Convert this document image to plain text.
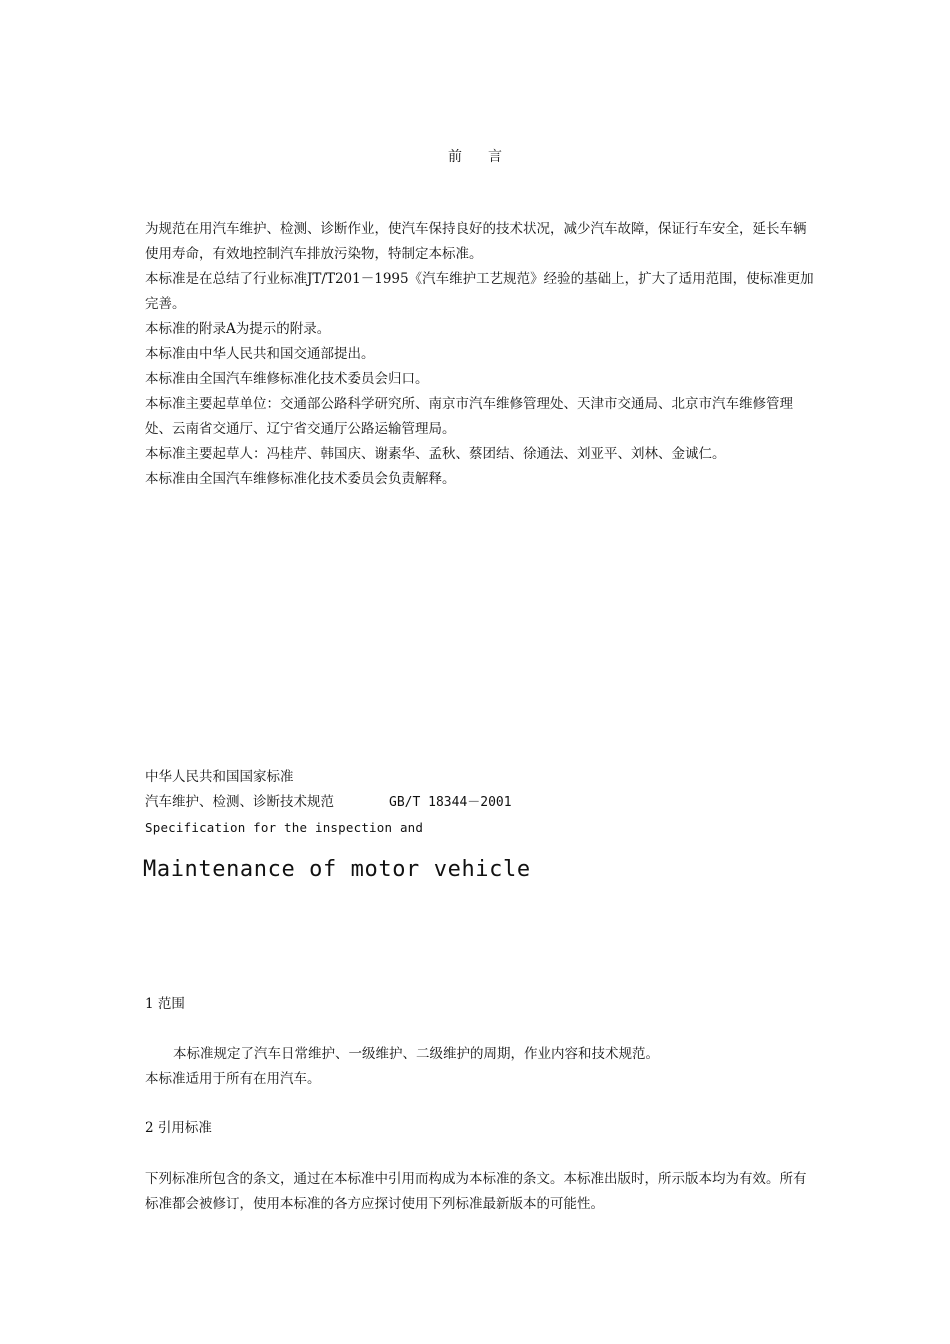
前言
为规范在用汽车维护、检测、诊断作业，使汽车保持良好的技术状况，减少汽车故障，保证行车安全，延长车辆使用寿命，有效地控制汽车排放污染物，特制定本标准。
本标准是在总结了行业标准JT/T201－1995《汽车维护工艺规范》经验的基础上，扩大了适用范围，使标准更加完善。
本标准的附录A为提示的附录。
本标准由中华人民共和国交通部提出。
本标准由全国汽车维修标准化技术委员会归口。
本标准主要起草单位：交通部公路科学研究所、南京市汽车维修管理处、天津市交通局、北京市汽车维修管理处、云南省交通厅、辽宁省交通厅公路运输管理局。
本标准主要起草人：冯桂芹、韩国庆、谢素华、孟秋、蔡团结、徐通法、刘亚平、刘林、金诚仁。
本标准由全国汽车维修标准化技术委员会负责解释。
中华人民共和国国家标准
汽车维护、检测、诊断技术规范	GB/T 18344－2001
Specification for the inspection and
Maintenance of motor vehicle
1 范围
本标准规定了汽车日常维护、一级维护、二级维护的周期，作业内容和技术规范。
本标准适用于所有在用汽车。
2 引用标准
下列标准所包含的条文，通过在本标准中引用而构成为本标准的条文。本标准出版时，所示版本均为有效。所有标准都会被修订，使用本标准的各方应探讨使用下列标准最新版本的可能性。
